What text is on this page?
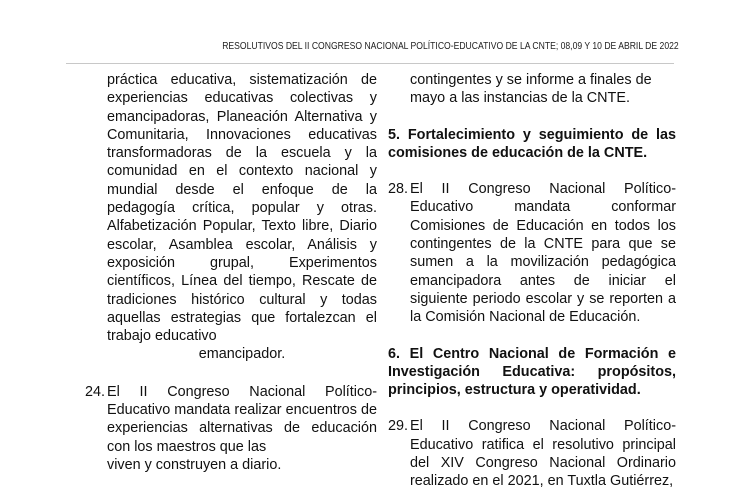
RESOLUTIVOS DEL II CONGRESO NACIONAL POLÍTICO-EDUCATIVO DE LA CNTE; 08,09 Y 10 DE ABRIL DE 2022
práctica educativa, sistematización de experiencias educativas colectivas y emancipadoras, Planeación Alternativa y Comunitaria, Innovaciones educativas transformadoras de la escuela y la comunidad en el contexto nacional y mundial desde el enfoque de la pedagogía crítica, popular y otras. Alfabetización Popular, Texto libre, Diario escolar, Asamblea escolar, Análisis y exposición grupal, Experimentos científicos, Línea del tiempo, Rescate de tradiciones histórico cultural y todas aquellas estrategias que fortalezcan el trabajo educativo
emancipador.
24. El II Congreso Nacional Político-Educativo mandata realizar encuentros de experiencias alternativas de educación con los maestros que las
viven y construyen a diario.
contingentes y se informe a finales de mayo a las instancias de la CNTE.
5. Fortalecimiento y seguimiento de las comisiones de educación de la CNTE.
28. El II Congreso Nacional Político-Educativo mandata conformar Comisiones de Educación en todos los contingentes de la CNTE para que se sumen a la movilización pedagógica emancipadora antes de iniciar el siguiente periodo escolar y se reporten a la Comisión Nacional de Educación.
6. El Centro Nacional de Formación e Investigación Educativa: propósitos, principios, estructura y operatividad.
29. El II Congreso Nacional Político-Educativo ratifica el resolutivo principal del XIV Congreso Nacional Ordinario realizado en el 2021, en Tuxtla Gutiérrez,
